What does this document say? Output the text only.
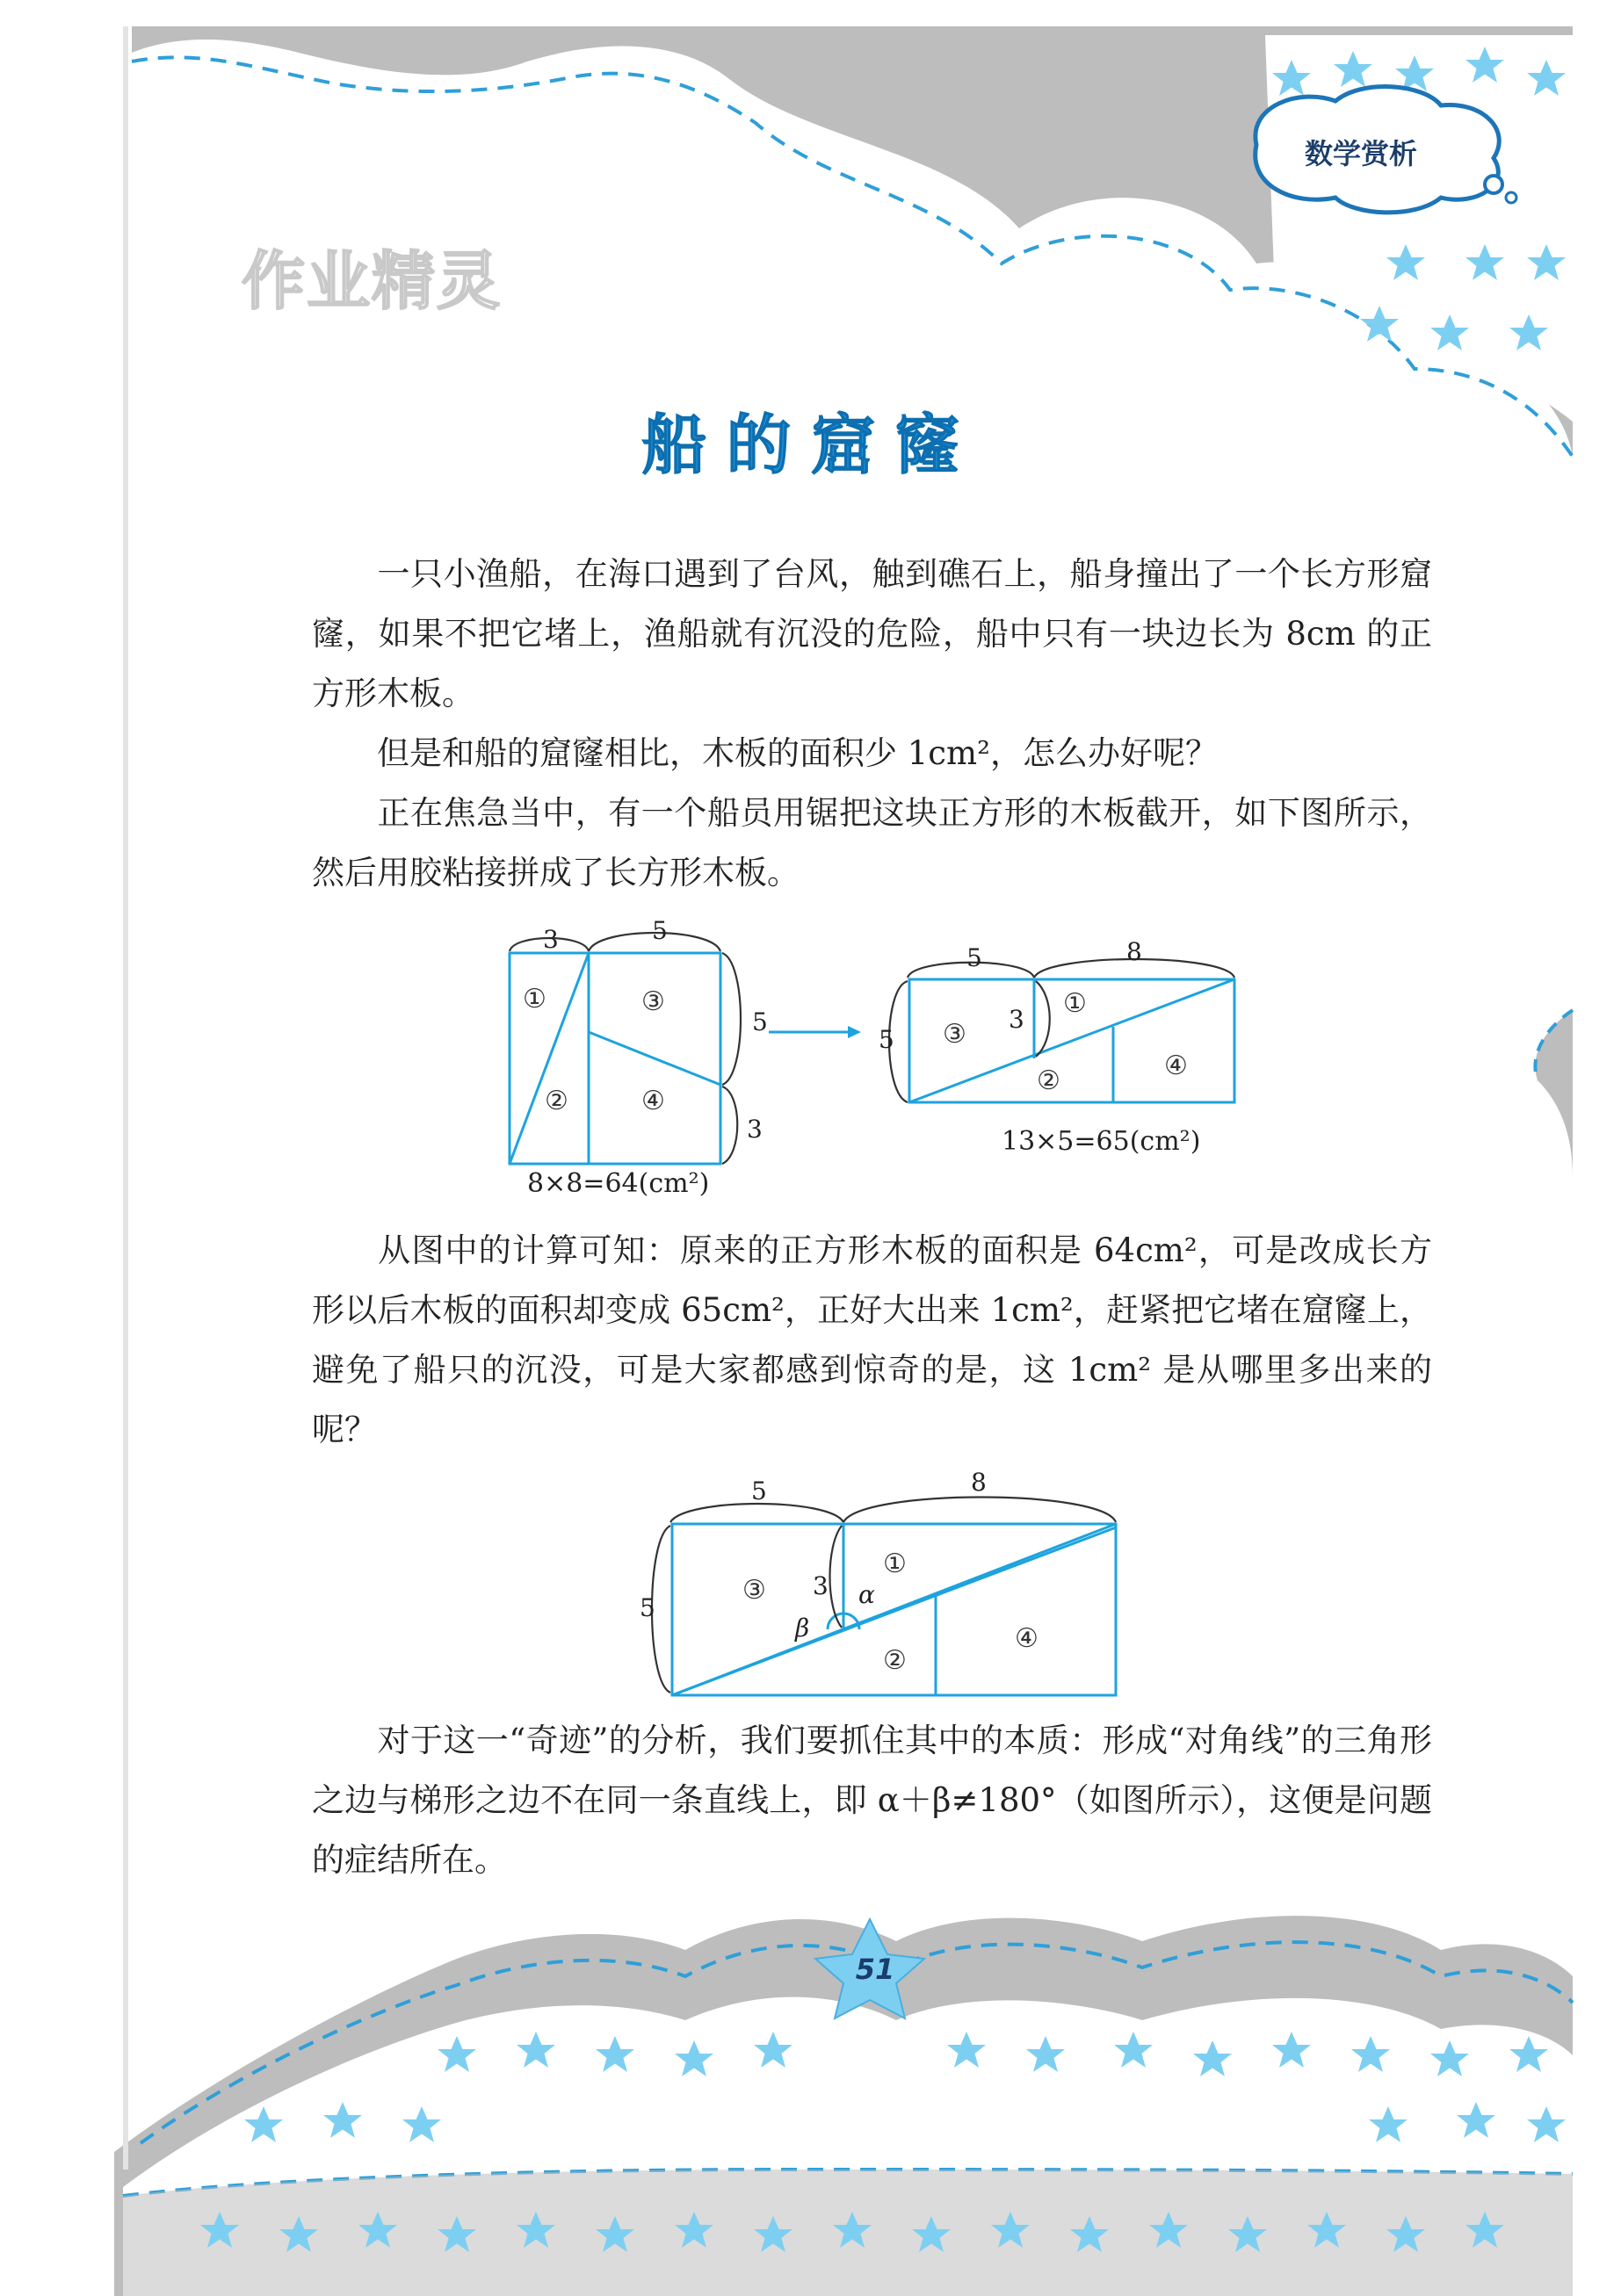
作业精灵
数学赏析
船的窟窿
一只小渔船，在海口遇到了台风，触到礁石上，船身撞出了一个长方形窟窿，如果不把它堵上，渔船就有沉没的危险，船中只有一块边长为 8cm 的正方形木板。
但是和船的窟窿相比，木板的面积少 1cm²，怎么办好呢？
正在焦急当中，有一个船员用锯把这块正方形的木板截开，如下图所示，然后用胶粘接拼成了长方形木板。
3	5
5
3
5	8
5
3
①
②
③
④
③
①
②	④
8×8=64(cm²)
13×5=65(cm²)
从图中的计算可知：原来的正方形木板的面积是 64cm²，可是改成长方形以后木板的面积却变成 65cm²，正好大出来 1cm²，赶紧把它堵在窟窿上，避免了船只的沉没，可是大家都感到惊奇的是，这 1cm² 是从哪里多出来的呢？
5	8
5
3 α
β
③
①
②
④
对于这一“奇迹”的分析，我们要抓住其中的本质：形成“对角线”的三角形之边与梯形之边不在同一条直线上，即 α＋β≠180°（如图所示），这便是问题的症结所在。
51
